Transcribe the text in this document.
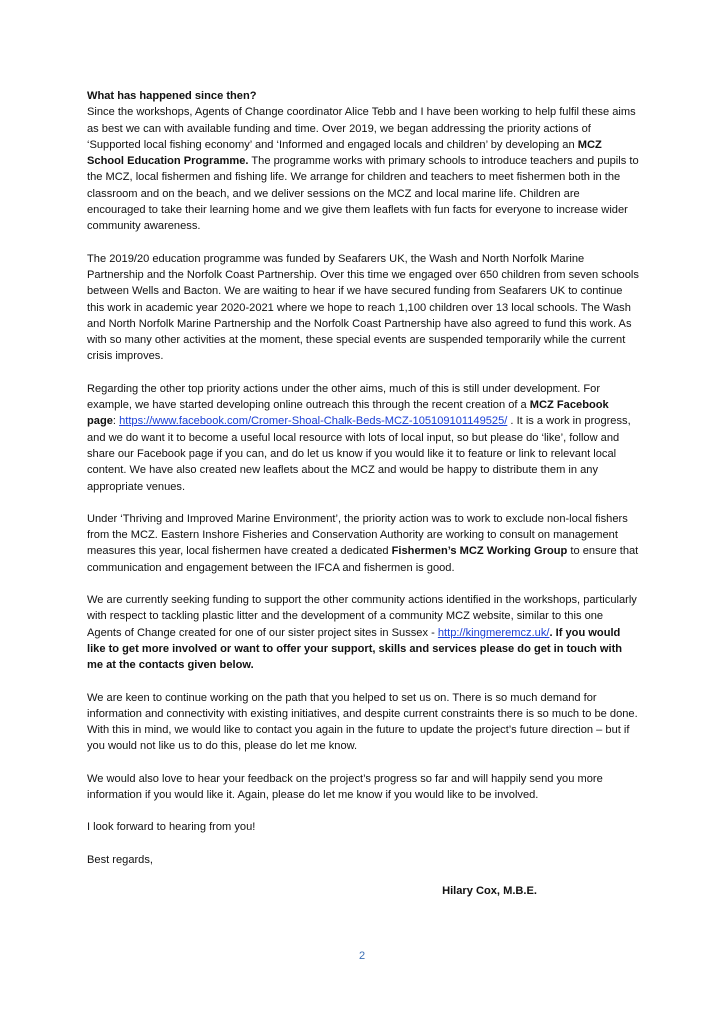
What has happened since then?

Since the workshops, Agents of Change coordinator Alice Tebb and I have been working to help fulfil these aims as best we can with available funding and time. Over 2019, we began addressing the priority actions of ‘Supported local fishing economy’ and ‘Informed and engaged locals and children’ by developing an MCZ School Education Programme. The programme works with primary schools to introduce teachers and pupils to the MCZ, local fishermen and fishing life. We arrange for children and teachers to meet fishermen both in the classroom and on the beach, and we deliver sessions on the MCZ and local marine life. Children are encouraged to take their learning home and we give them leaflets with fun facts for everyone to increase wider community awareness.

The 2019/20 education programme was funded by Seafarers UK, the Wash and North Norfolk Marine Partnership and the Norfolk Coast Partnership. Over this time we engaged over 650 children from seven schools between Wells and Bacton. We are waiting to hear if we have secured funding from Seafarers UK to continue this work in academic year 2020-2021 where we hope to reach 1,100 children over 13 local schools. The Wash and North Norfolk Marine Partnership and the Norfolk Coast Partnership have also agreed to fund this work. As with so many other activities at the moment, these special events are suspended temporarily while the current crisis improves.

Regarding the other top priority actions under the other aims, much of this is still under development. For example, we have started developing online outreach this through the recent creation of a MCZ Facebook page: https://www.facebook.com/Cromer-Shoal-Chalk-Beds-MCZ-105109101149525/ . It is a work in progress, and we do want it to become a useful local resource with lots of local input, so but please do ‘like’, follow and share our Facebook page if you can, and do let us know if you would like it to feature or link to relevant local content. We have also created new leaflets about the MCZ and would be happy to distribute them in any appropriate venues.

Under ‘Thriving and Improved Marine Environment’, the priority action was to work to exclude non-local fishers from the MCZ. Eastern Inshore Fisheries and Conservation Authority are working to consult on management measures this year, local fishermen have created a dedicated Fishermen’s MCZ Working Group to ensure that communication and engagement between the IFCA and fishermen is good.

We are currently seeking funding to support the other community actions identified in the workshops, particularly with respect to tackling plastic litter and the development of a community MCZ website, similar to this one Agents of Change created for one of our sister project sites in Sussex - http://kingmeremcz.uk/. If you would like to get more involved or want to offer your support, skills and services please do get in touch with me at the contacts given below.

We are keen to continue working on the path that you helped to set us on. There is so much demand for information and connectivity with existing initiatives, and despite current constraints there is so much to be done. With this in mind, we would like to contact you again in the future to update the project’s future direction – but if you would not like us to do this, please do let me know.

We would also love to hear your feedback on the project’s progress so far and will happily send you more information if you would like it. Again, please do let me know if you would like to be involved.

I look forward to hearing from you!

Best regards,

Hilary Cox, M.B.E.

2
